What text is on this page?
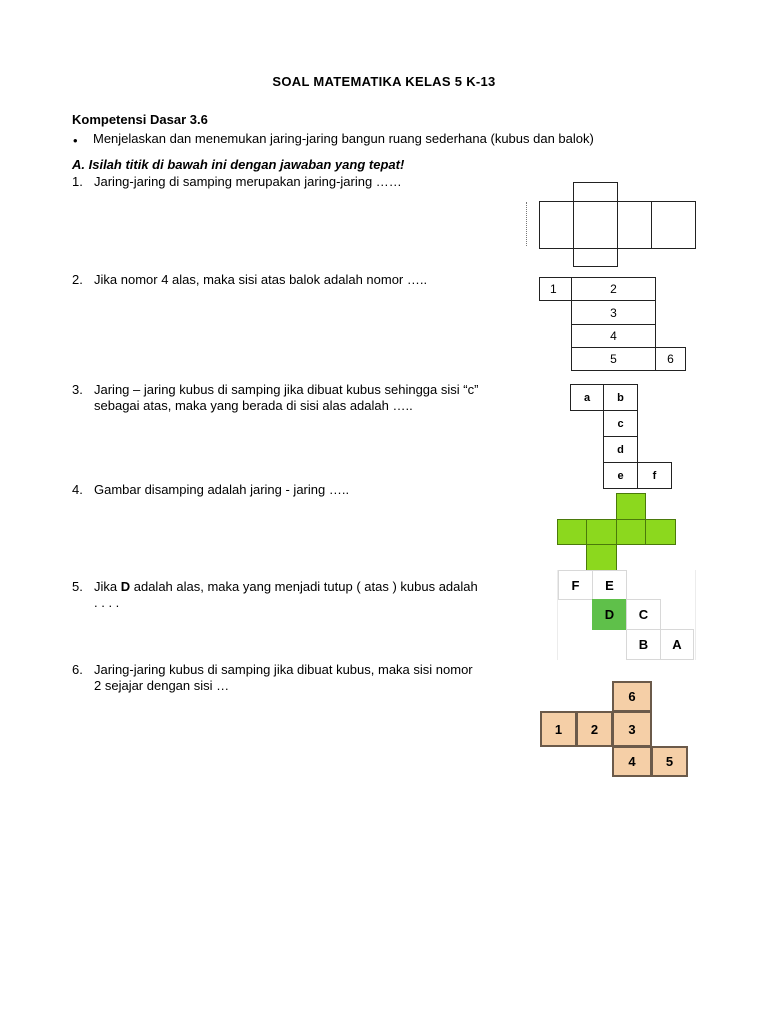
SOAL MATEMATIKA KELAS 5 K-13
Kompetensi Dasar 3.6
• Menjelaskan dan menemukan jaring-jaring bangun ruang sederhana (kubus dan balok)
A. Isilah titik di bawah ini dengan jawaban yang tepat!
1. Jaring-jaring di samping merupakan jaring-jaring ……
2. Jika nomor 4 alas, maka sisi atas balok adalah nomor …..
3. Jaring – jaring kubus di samping jika dibuat kubus sehingga sisi “c”
sebagai atas, maka yang berada di sisi alas adalah …..
4. Gambar disamping adalah jaring - jaring …..
5. Jika D adalah alas, maka yang menjadi tutup ( atas ) kubus adalah
. . . .
6. Jaring-jaring kubus di samping jika dibuat kubus, maka sisi nomor
2 sejajar dengan sisi …
1	2
3
4
5	6
a	b
c
d
e	f
F	E
D	C
B	A
6
1	2	3
4	5
